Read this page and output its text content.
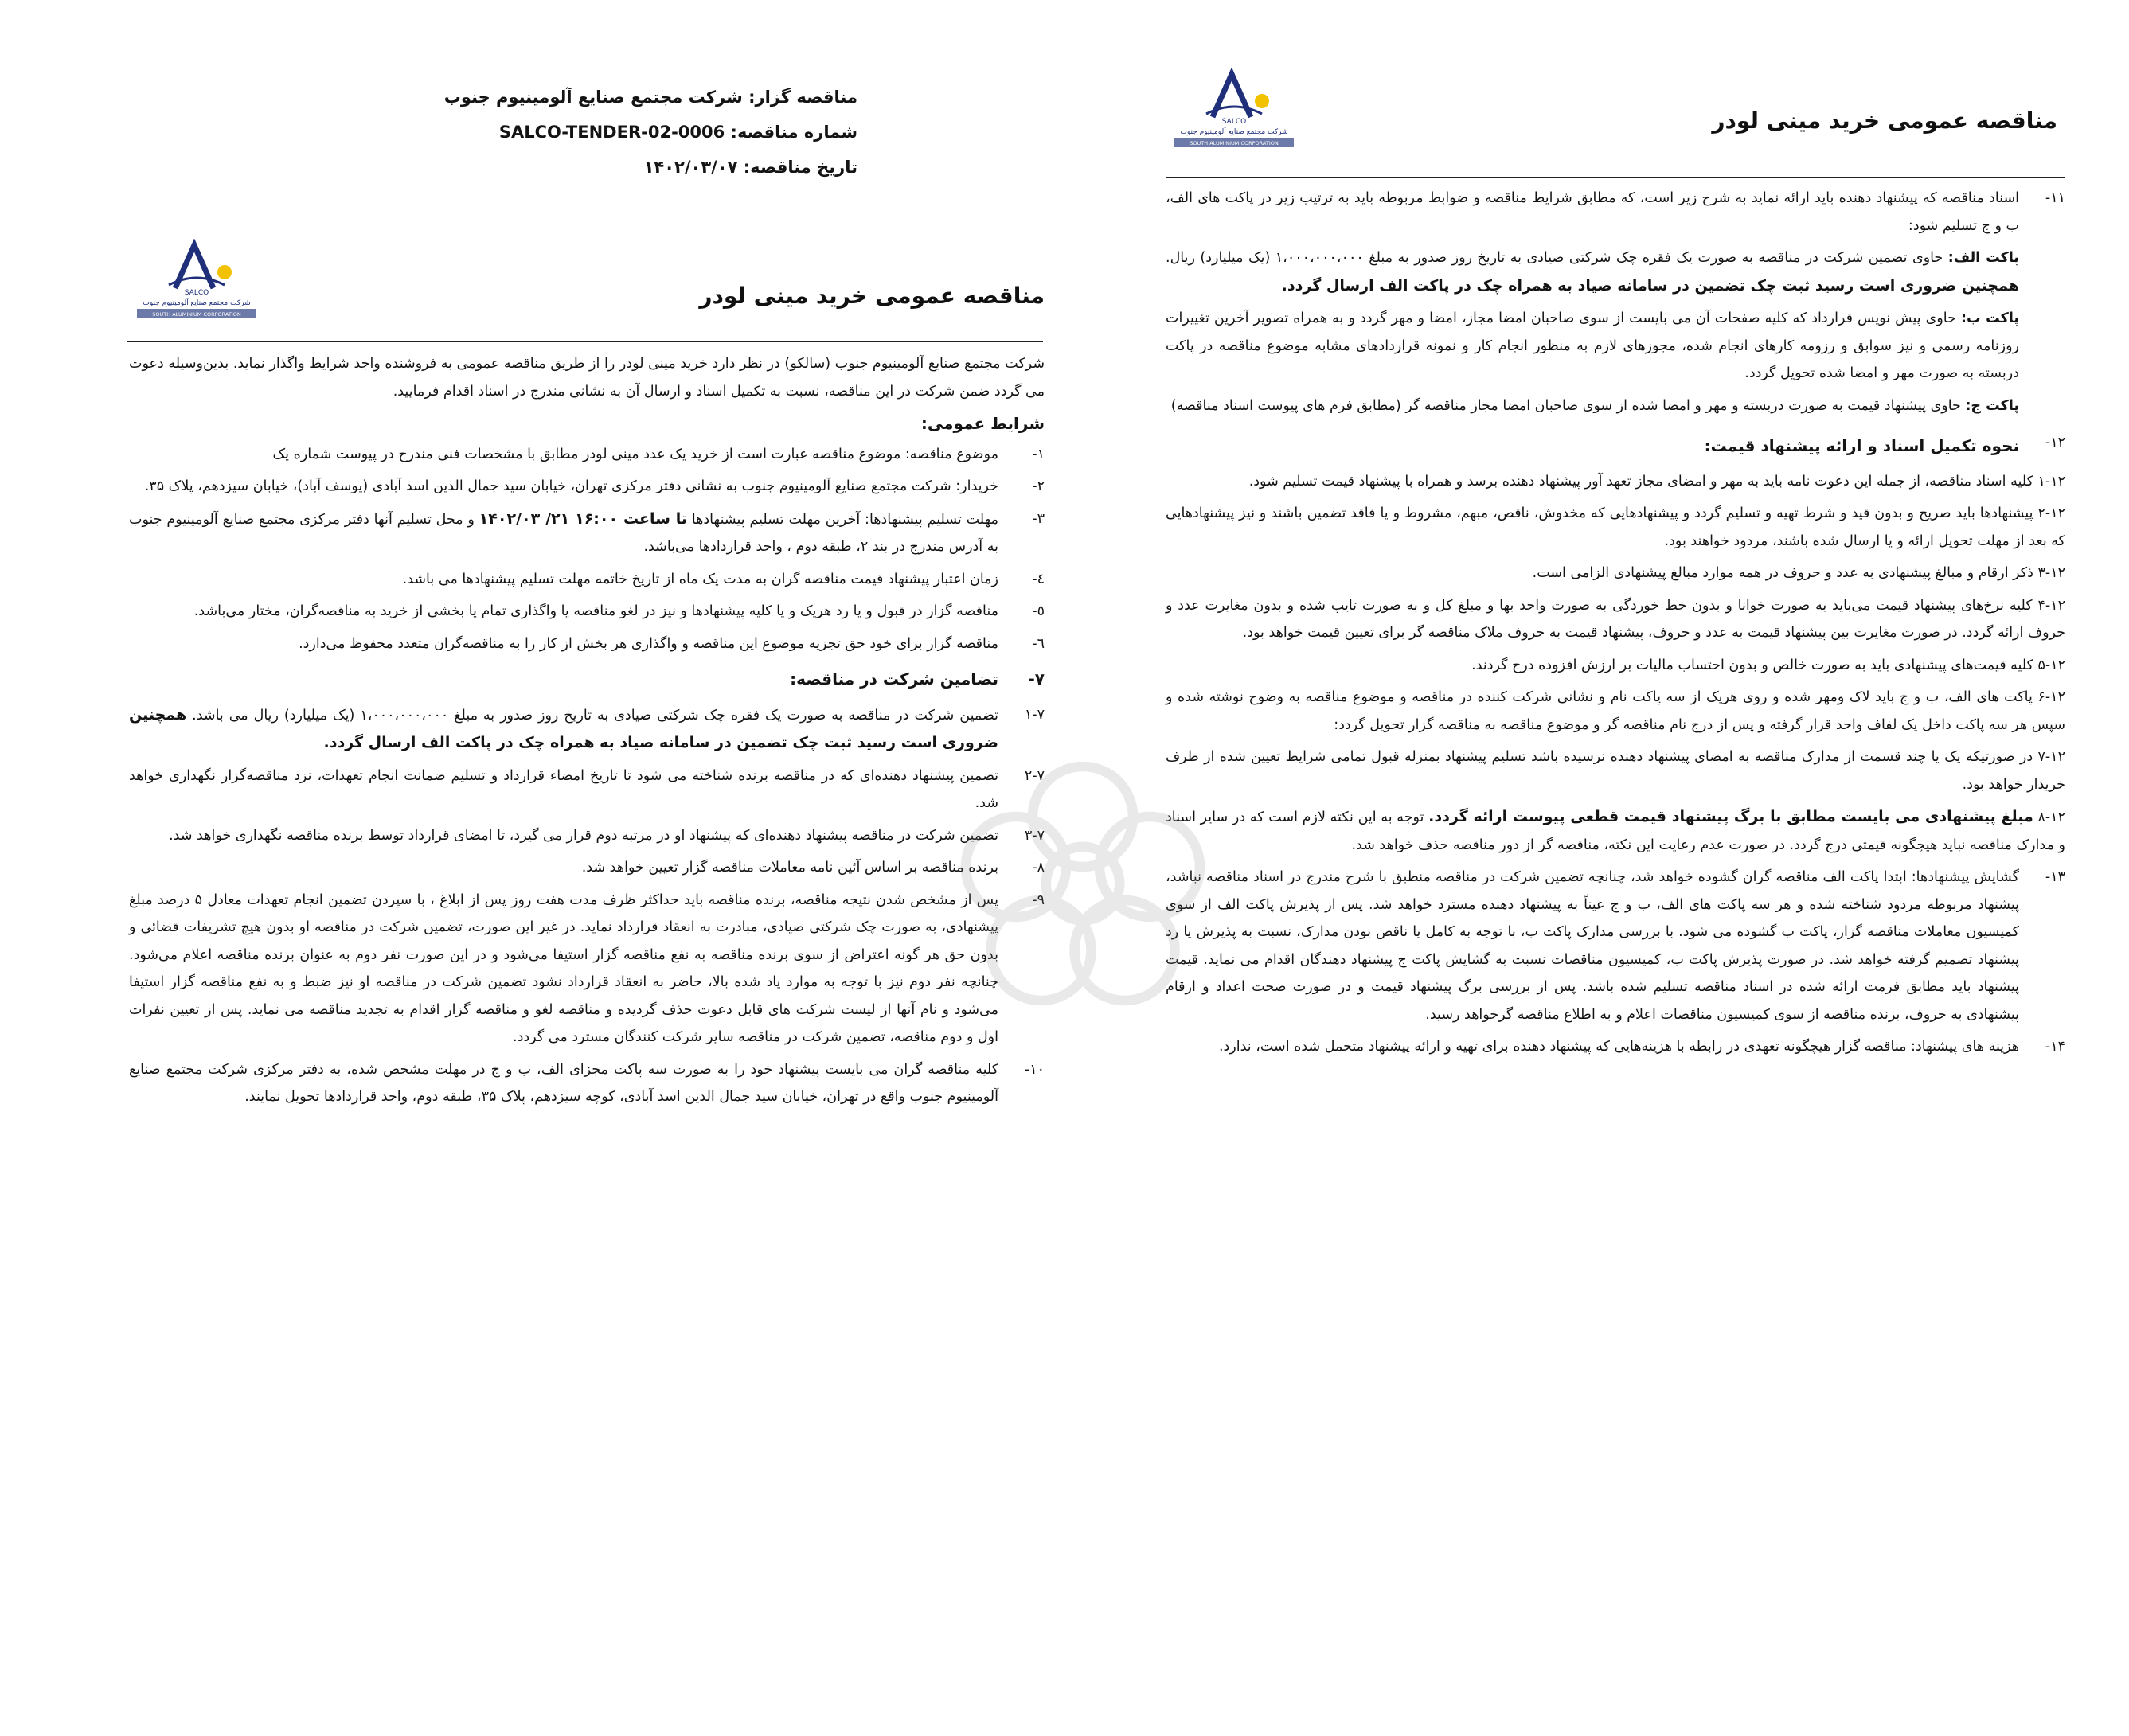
مناقصه عمومی خرید مینی لودر
SALCO
شرکت مجتمع صنایع آلومینیوم جنوب
SOUTH ALUMINIUM CORPORATION
۱۱-
اسناد مناقصه که پیشنهاد دهنده باید ارائه نماید به شرح زیر است، که مطابق شرایط مناقصه و ضوابط مربوطه باید به ترتیب زیر در پاکت های الف، ب و ج تسلیم شود:
پاکت الف: حاوی تضمین شرکت در مناقصه به صورت یک فقره چک شرکتی صیادی به تاریخ روز صدور به مبلغ ۱،۰۰۰،۰۰۰،۰۰۰ (یک میلیارد) ریال. همچنین ضروری است رسید ثبت چک تضمین در سامانه صیاد به همراه چک در پاکت الف ارسال گردد.
پاکت ب: حاوی پیش نویس قرارداد که کلیه صفحات آن می بایست از سوی صاحبان امضا مجاز، امضا و مهر گردد و به همراه تصویر آخرین تغییرات روزنامه رسمی و نیز سوابق و رزومه کارهای انجام شده، مجوزهای لازم به منظور انجام کار و نمونه قراردادهای مشابه موضوع مناقصه در پاکت دربسته به صورت مهر و امضا شده تحویل گردد.
پاکت ج: حاوی پیشنهاد قیمت به صورت دربسته و مهر و امضا شده از سوی صاحبان امضا مجاز مناقصه گر (مطابق فرم های پیوست اسناد مناقصه)
۱۲-
نحوه تکمیل اسناد و ارائه پیشنهاد قیمت:
۱-۱۲ کلیه اسناد مناقصه، از جمله این دعوت نامه باید به مهر و امضای مجاز تعهد آور پیشنهاد دهنده برسد و همراه با پیشنهاد قیمت تسلیم شود.
۲-۱۲ پیشنهادها باید صریح و بدون قید و شرط تهیه و تسلیم گردد و پیشنهادهایی که مخدوش، ناقص، مبهم، مشروط و یا فاقد تضمین باشند و نیز پیشنهادهایی که بعد از مهلت تحویل ارائه و یا ارسال شده باشند، مردود خواهند بود.
۳-۱۲ ذکر ارقام و مبالغ پیشنهادی به عدد و حروف در همه موارد مبالغ پیشنهادی الزامی است.
۴-۱۲ کلیه نرخ‌های پیشنهاد قیمت می‌باید به صورت خوانا و بدون خط خوردگی به صورت واحد بها و مبلغ کل و به صورت تایپ شده و بدون مغایرت عدد و حروف ارائه گردد. در صورت مغایرت بین پیشنهاد قیمت به عدد و حروف، پیشنهاد قیمت به حروف ملاک مناقصه گر برای تعیین قیمت خواهد بود.
۵-۱۲ کلیه قیمت‌های پیشنهادی باید به صورت خالص و بدون احتساب مالیات بر ارزش افزوده درج گردند.
۶-۱۲ پاکت های الف، ب و ج باید لاک ومهر شده و روی هریک از سه پاکت نام و نشانی شرکت کننده در مناقصه و موضوع مناقصه به وضوح نوشته شده و سپس هر سه پاکت داخل یک لفاف واحد قرار گرفته و پس از درج نام مناقصه گر و موضوع مناقصه به مناقصه گزار تحویل گردد:
۷-۱۲ در صورتیکه یک یا چند قسمت از مدارک مناقصه به امضای پیشنهاد دهنده نرسیده باشد تسلیم پیشنهاد بمنزله قبول تمامی شرایط تعیین شده از طرف خریدار خواهد بود.
۸-۱۲ مبلغ پیشنهادی می بایست مطابق با برگ پیشنهاد قیمت قطعی پیوست ارائه گردد. توجه به این نکته لازم است که در سایر اسناد و مدارک مناقصه نباید هیچگونه قیمتی درج گردد. در صورت عدم رعایت این نکته، مناقصه گر از دور مناقصه حذف خواهد شد.
۱۳-
گشایش پیشنهادها: ابتدا پاکت الف مناقصه گران گشوده خواهد شد، چنانچه تضمین شرکت در مناقصه منطبق با شرح مندرج در اسناد مناقصه نباشد، پیشنهاد مربوطه مردود شناخته شده و هر سه پاکت های الف، ب و ج عیناً به پیشنهاد دهنده مسترد خواهد شد. پس از پذیرش پاکت الف از سوی کمیسیون معاملات مناقصه گزار، پاکت ب گشوده می شود. با بررسی مدارک پاکت ب، با توجه به کامل یا ناقص بودن مدارک، نسبت به پذیرش یا رد پیشنهاد تصمیم گرفته خواهد شد. در صورت پذیرش پاکت ب، کمیسیون مناقصات نسبت به گشایش پاکت ج پیشنهاد دهندگان اقدام می نماید. قیمت پیشنهاد باید مطابق فرمت ارائه شده در اسناد مناقصه تسلیم شده باشد. پس از بررسی برگ پیشنهاد قیمت و در صورت صحت اعداد و ارقام پیشنهادی به حروف، برنده مناقصه از سوی کمیسیون مناقصات اعلام و به اطلاع مناقصه گرخواهد رسید.
۱۴-
هزینه های پیشنهاد: مناقصه گزار هیچگونه تعهدی در رابطه با هزینه‌هایی که پیشنهاد دهنده برای تهیه و ارائه پیشنهاد متحمل شده است، ندارد.
مناقصه گزار: شرکت مجتمع صنایع آلومینیوم جنوب
شماره مناقصه: SALCO-TENDER-02-0006
تاریخ مناقصه: ۱۴۰۲/۰۳/۰۷
مناقصه عمومی خرید مینی لودر
SALCO
شرکت مجتمع صنایع آلومینیوم جنوب
SOUTH ALUMINIUM CORPORATION
شرکت مجتمع صنایع آلومینیوم جنوب (سالکو) در نظر دارد خرید مینی لودر را از طریق مناقصه عمومی به فروشنده واجد شرایط واگذار نماید. بدین‌وسیله دعوت می گردد ضمن شرکت در این مناقصه، نسبت به تکمیل اسناد و ارسال آن به نشانی مندرج در اسناد اقدام فرمایید.
شرایط عمومی:
۱-
موضوع مناقصه: موضوع مناقصه عبارت است از خرید یک عدد مینی لودر مطابق با مشخصات فنی مندرج در پیوست شماره یک
۲-
خریدار: شرکت مجتمع صنایع آلومینیوم جنوب به نشانی دفتر مرکزی تهران، خیابان سید جمال الدین اسد آبادی (یوسف آباد)، خیابان سیزدهم، پلاک ۳۵.
۳-
مهلت تسلیم پیشنهادها: آخرین مهلت تسلیم پیشنهادها تا ساعت ۱۶:۰۰ ۲۱/ ۱۴۰۲/۰۳ و محل تسلیم آنها دفتر مرکزی مجتمع صنایع آلومینیوم جنوب به آدرس مندرج در بند ۲، طبقه دوم ، واحد قراردادها می‌باشد.
٤-
زمان اعتبار پیشنهاد قیمت مناقصه گران به مدت یک ماه از تاریخ خاتمه مهلت تسلیم پیشنهادها می باشد.
٥-
مناقصه گزار در قبول و یا رد هریک و یا کلیه پیشنهادها و نیز در لغو مناقصه یا واگذاری تمام یا بخشی از خرید به مناقصه‌گران، مختار می‌باشد.
٦-
مناقصه گزار برای خود حق تجزیه موضوع این مناقصه و واگذاری هر بخش از کار را به مناقصه‌گران متعدد محفوظ می‌دارد.
۷-
تضامین شرکت در مناقصه:
۱-۷
تضمین شرکت در مناقصه به صورت یک فقره چک شرکتی صیادی به تاریخ روز صدور به مبلغ ۱،۰۰۰،۰۰۰،۰۰۰ (یک میلیارد) ریال می باشد. همچنین ضروری است رسید ثبت چک تضمین در سامانه صیاد به همراه چک در پاکت الف ارسال گردد.
۲-۷
تضمین پیشنهاد دهنده‌ای که در مناقصه برنده شناخته می شود تا تاریخ امضاء قرارداد و تسلیم ضمانت انجام تعهدات، نزد مناقصه‌گزار نگهداری خواهد شد.
۳-۷
تضمین شرکت در مناقصه پیشنهاد دهنده‌ای که پیشنهاد او در مرتبه دوم قرار می گیرد، تا امضای قرارداد توسط برنده مناقصه نگهداری خواهد شد.
۸-
برنده مناقصه بر اساس آئین نامه معاملات مناقصه گزار تعیین خواهد شد.
۹-
پس از مشخص شدن نتیجه مناقصه، برنده مناقصه باید حداکثر ظرف مدت هفت روز پس از ابلاغ ، با سپردن تضمین انجام تعهدات معادل ۵ درصد مبلغ پیشنهادی، به صورت چک شرکتی صیادی، مبادرت به انعقاد قرارداد نماید. در غیر این صورت، تضمین شرکت در مناقصه او بدون هیچ تشریفات قضائی و بدون حق هر گونه اعتراض از سوی برنده مناقصه به نفع مناقصه گزار استیفا می‌شود و در این صورت نفر دوم به عنوان برنده مناقصه اعلام می‌شود. چنانچه نفر دوم نیز با توجه به موارد یاد شده بالا، حاضر به انعقاد قرارداد نشود تضمین شرکت در مناقصه او نیز ضبط و به نفع مناقصه گزار استیفا می‌شود و نام آنها از لیست شرکت های قابل دعوت حذف گردیده و مناقصه لغو و مناقصه گزار اقدام به تجدید مناقصه می نماید. پس از تعیین نفرات اول و دوم مناقصه، تضمین شرکت در مناقصه سایر شرکت کنندگان مسترد می گردد.
۱۰-
کلیه مناقصه گران می بایست پیشنهاد خود را به صورت سه پاکت مجزای الف، ب و ج در مهلت مشخص شده، به دفتر مرکزی شرکت مجتمع صنایع آلومینیوم جنوب واقع در تهران، خیابان سید جمال الدین اسد آبادی، کوچه سیزدهم، پلاک ۳۵، طبقه دوم، واحد قراردادها تحویل نمایند.
